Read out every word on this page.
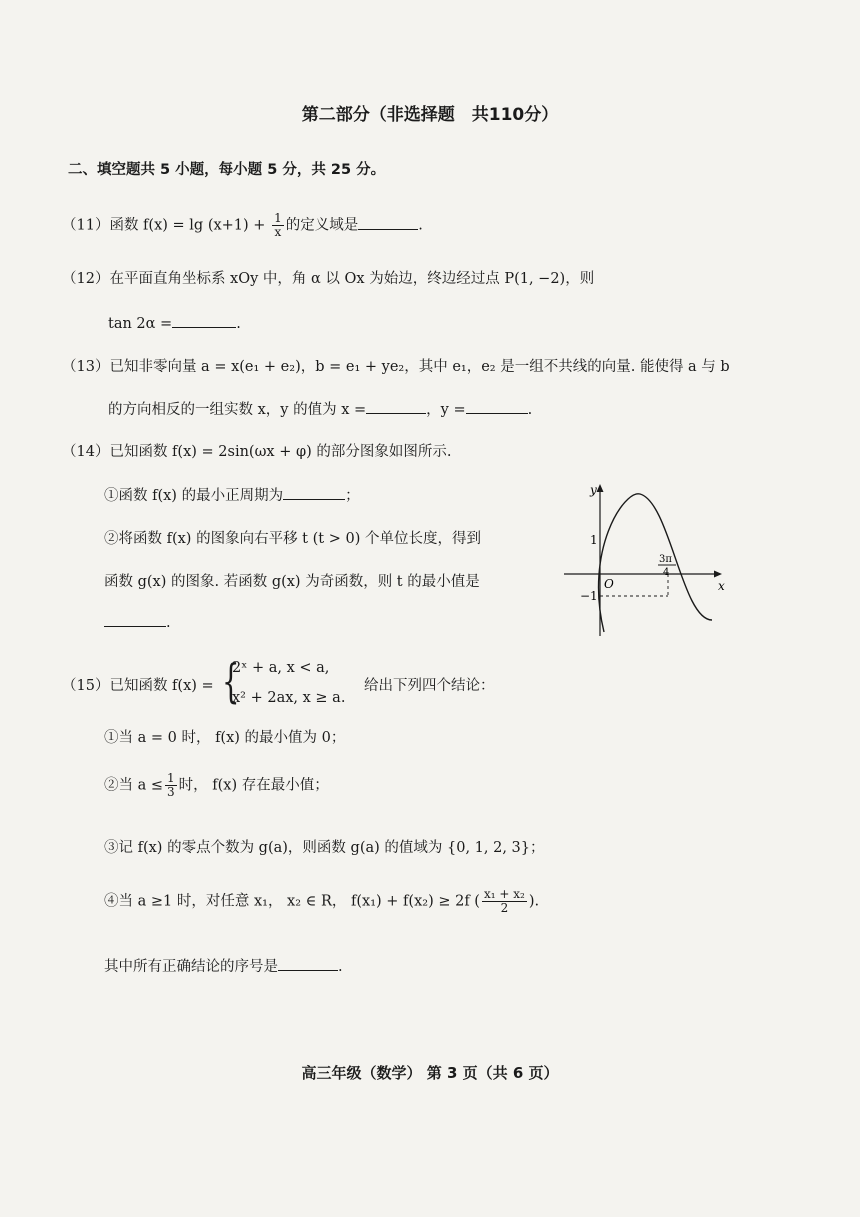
第二部分（非选择题　共110分）
二、填空题共 5 小题，每小题 5 分，共 25 分。
（11）函数 $f(x) = \lg (x+1) + \frac{1}{x}$ 的定义域是	.
（12）在平面直角坐标系 xOy 中，角 α 以 Ox 为始边，终边经过点 P(1, −2)，则
tan 2α =	.
（13）已知非零向量 a = x(e₁ + e₂)，b = e₁ + ye₂，其中 e₁，e₂ 是一组不共线的向量. 能使得 a 与 b
的方向相反的一组实数 x，y 的值为 x =	，y =	.
（14）已知函数 f(x) = 2sin(ωx + φ) 的部分图象如图所示.
①函数 f(x) 的最小正周期为	；
②将函数 f(x) 的图象向右平移 t (t > 0) 个单位长度，得到
函数 g(x) 的图象. 若函数 g(x) 为奇函数，则 t 的最小值是
.
y
x
O
1
−1
3π
4
（15）已知函数 f(x) = {
2ˣ + a, x < a,
x² + 2ax, x ≥ a.
给出下列四个结论：
①当 a = 0 时， f(x) 的最小值为 0；
②当 $a \le \frac{1}{3}$ 时， f(x) 存在最小值；
③记 f(x) 的零点个数为 g(a)，则函数 g(a) 的值域为 {0, 1, 2, 3}；
④当 a ≥1 时，对任意 x₁， x₂ ∈ R， f(x₁) + f(x₂) ≥ 2f ( $\frac{\text{x₁ + x₂}}{2}$ ).
其中所有正确结论的序号是	.
高三年级（数学） 第 3 页（共 6 页）
